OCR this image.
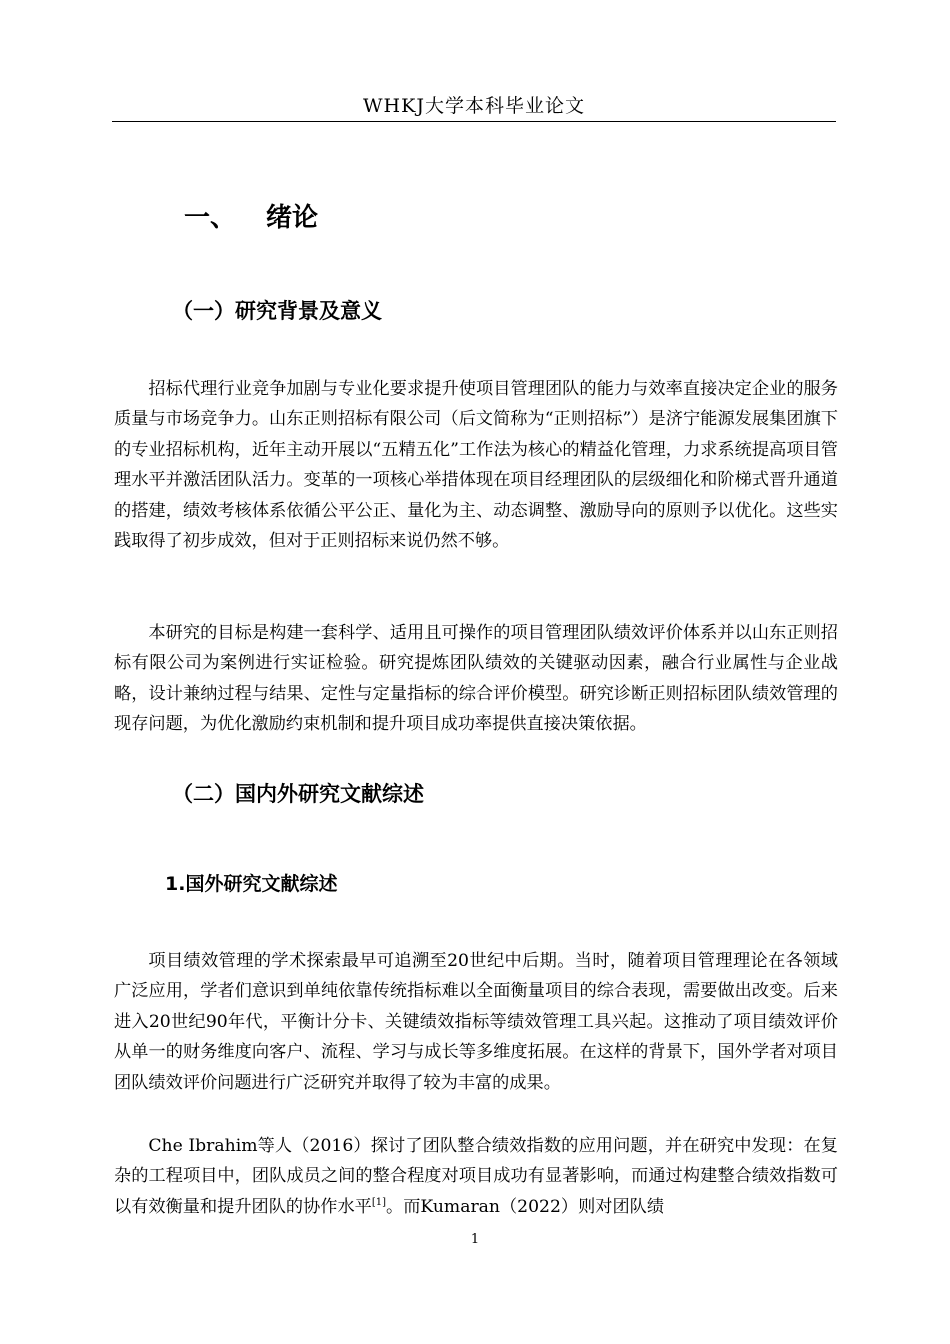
WHKJ大学本科毕业论文
一、 绪论
（一）研究背景及意义

招标代理行业竞争加剧与专业化要求提升使项目管理团队的能力与效率直接决定企业的服务质量与市场竞争力。山东正则招标有限公司（后文简称为“正则招标”）是济宁能源发展集团旗下的专业招标机构，近年主动开展以“五精五化”工作法为核心的精益化管理，力求系统提高项目管理水平并激活团队活力。变革的一项核心举措体现在项目经理团队的层级细化和阶梯式晋升通道的搭建，绩效考核体系依循公平公正、量化为主、动态调整、激励导向的原则予以优化。这些实践取得了初步成效，但对于正则招标来说仍然不够。

本研究的目标是构建一套科学、适用且可操作的项目管理团队绩效评价体系并以山东正则招标有限公司为案例进行实证检验。研究提炼团队绩效的关键驱动因素，融合行业属性与企业战略，设计兼纳过程与结果、定性与定量指标的综合评价模型。研究诊断正则招标团队绩效管理的现存问题，为优化激励约束机制和提升项目成功率提供直接决策依据。

（二）国内外研究文献综述
1.国外研究文献综述

项目绩效管理的学术探索最早可追溯至20世纪中后期。当时，随着项目管理理论在各领域广泛应用，学者们意识到单纯依靠传统指标难以全面衡量项目的综合表现，需要做出改变。后来进入20世纪90年代，平衡计分卡、关键绩效指标等绩效管理工具兴起。这推动了项目绩效评价从单一的财务维度向客户、流程、学习与成长等多维度拓展。在这样的背景下，国外学者对项目团队绩效评价问题进行广泛研究并取得了较为丰富的成果。

Che Ibrahim等人（2016）探讨了团队整合绩效指数的应用问题，并在研究中发现：在复杂的工程项目中，团队成员之间的整合程度对项目成功有显著影响，而通过构建整合绩效指数可以有效衡量和提升团队的协作水平[1]。而Kumaran（2022）则对团队绩

1
